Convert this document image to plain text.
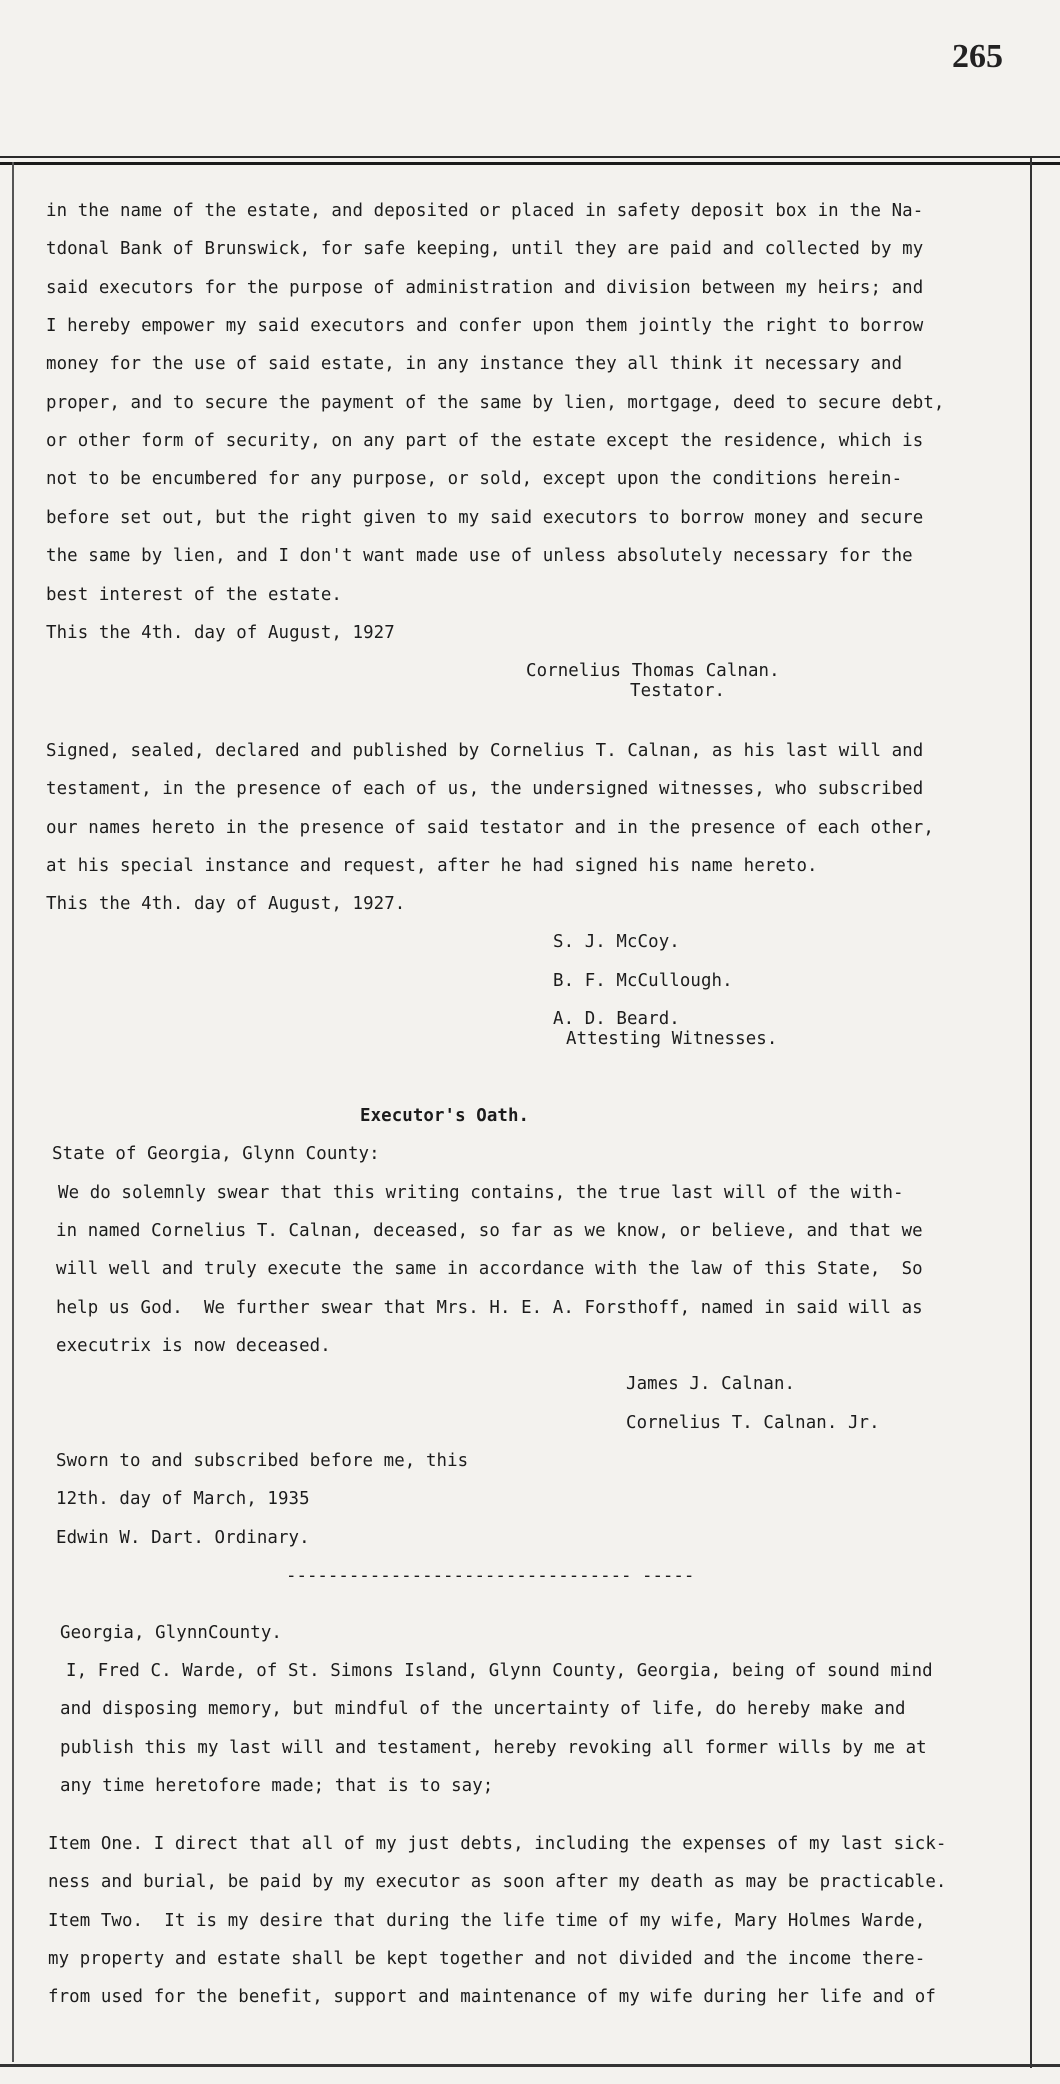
265
in the name of the estate, and deposited or placed in safety deposit box in the Na-
tdonal Bank of Brunswick, for safe keeping, until they are paid and collected by my
said executors for the purpose of administration and division between my heirs; and
I hereby empower my said executors and confer upon them jointly the right to borrow
money for the use of said estate, in any instance they all think it necessary and
proper, and to secure the payment of the same by lien, mortgage, deed to secure debt,
or other form of security, on any part of the estate except the residence, which is
not to be encumbered for any purpose, or sold, except upon the conditions herein-
before set out, but the right given to my said executors to borrow money and secure
the same by lien, and I don't want made use of unless absolutely necessary for the
best interest of the estate.
This the 4th. day of August, 1927
Cornelius Thomas Calnan.
Testator.
Signed, sealed, declared and published by Cornelius T. Calnan, as his last will and
testament, in the presence of each of us, the undersigned witnesses, who subscribed
our names hereto in the presence of said testator and in the presence of each other,
at his special instance and request, after he had signed his name hereto.
This the 4th. day of August, 1927.
S. J. McCoy.
B. F. McCullough.
A. D. Beard.
Attesting Witnesses.
Executor's Oath.
State of Georgia, Glynn County:
We do solemnly swear that this writing contains, the true last will of the with-
in named Cornelius T. Calnan, deceased, so far as we know, or believe, and that we
will well and truly execute the same in accordance with the law of this State,  So
help us God.  We further swear that Mrs. H. E. A. Forsthoff, named in said will as
executrix is now deceased.
James J. Calnan.
Cornelius T. Calnan. Jr.
Sworn to and subscribed before me, this
12th. day of March, 1935
Edwin W. Dart. Ordinary.
--------------------------------- -----
Georgia, GlynnCounty.
I, Fred C. Warde, of St. Simons Island, Glynn County, Georgia, being of sound mind
and disposing memory, but mindful of the uncertainty of life, do hereby make and
publish this my last will and testament, hereby revoking all former wills by me at
any time heretofore made; that is to say;
Item One. I direct that all of my just debts, including the expenses of my last sick-
ness and burial, be paid by my executor as soon after my death as may be practicable.
Item Two.  It is my desire that during the life time of my wife, Mary Holmes Warde,
my property and estate shall be kept together and not divided and the income there-
from used for the benefit, support and maintenance of my wife during her life and of
